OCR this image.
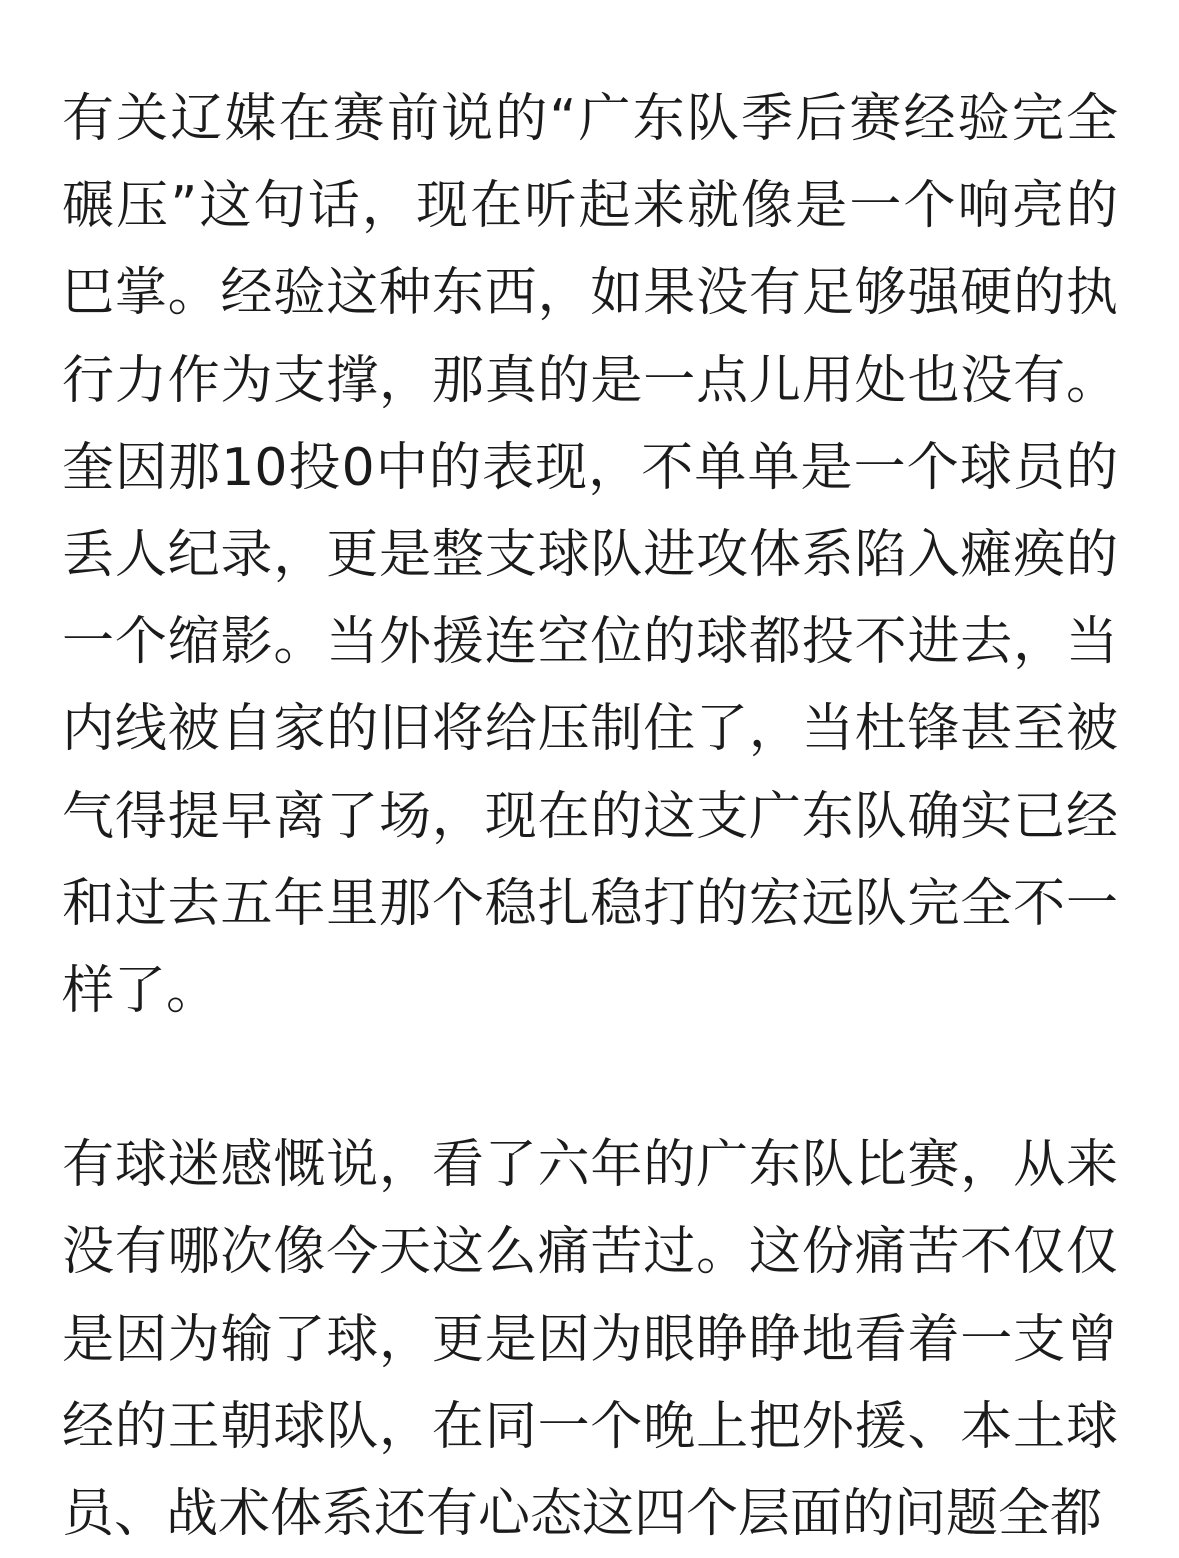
有关辽媒在赛前说的“广东队季后赛经验完全碾压”这句话，现在听起来就像是一个响亮的巴掌。经验这种东西，如果没有足够强硬的执行力作为支撑，那真的是一点儿用处也没有。奎因那10投0中的表现，不单单是一个球员的丢人纪录，更是整支球队进攻体系陷入瘫痪的一个缩影。当外援连空位的球都投不进去，当内线被自家的旧将给压制住了，当杜锋甚至被气得提早离了场，现在的这支广东队确实已经和过去五年里那个稳扎稳打的宏远队完全不一样了。

有球迷感慨说，看了六年的广东队比赛，从来没有哪次像今天这么痛苦过。这份痛苦不仅仅是因为输了球，更是因为眼睁睁地看着一支曾经的王朝球队，在同一个晚上把外援、本土球员、战术体系还有心态这四个层面的问题全都
